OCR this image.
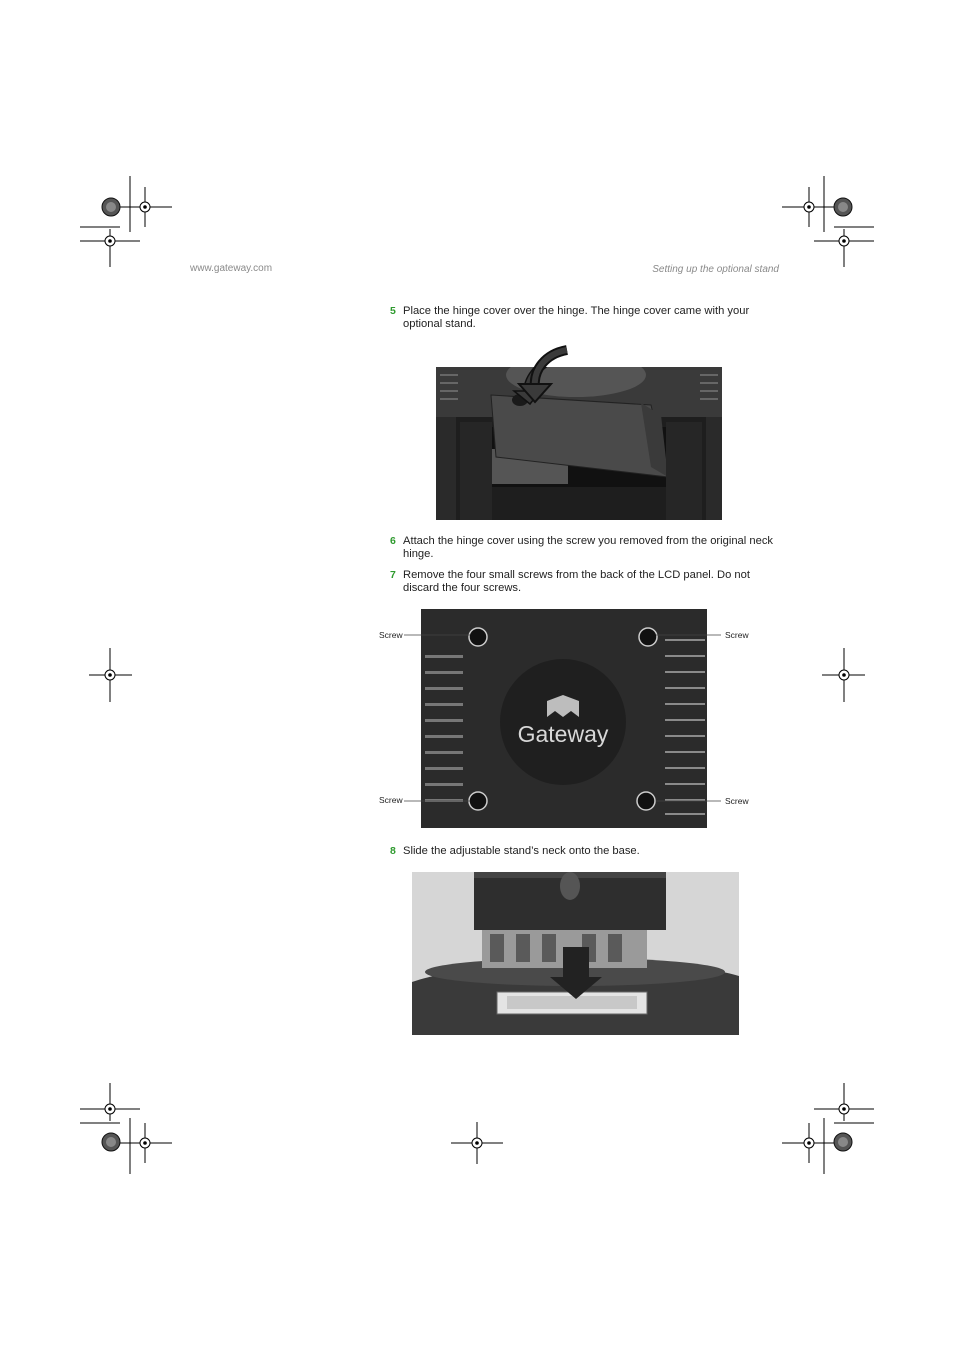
www.gateway.com	Setting up the optional stand
5 Place the hinge cover over the hinge. The hinge cover came with your optional stand.
6 Attach the hinge cover using the screw you removed from the original neck hinge.
7 Remove the four small screws from the back of the LCD panel. Do not discard the four screws.
Gateway
Screw	Screw
Screw	Screw
8 Slide the adjustable stand’s neck onto the base.
